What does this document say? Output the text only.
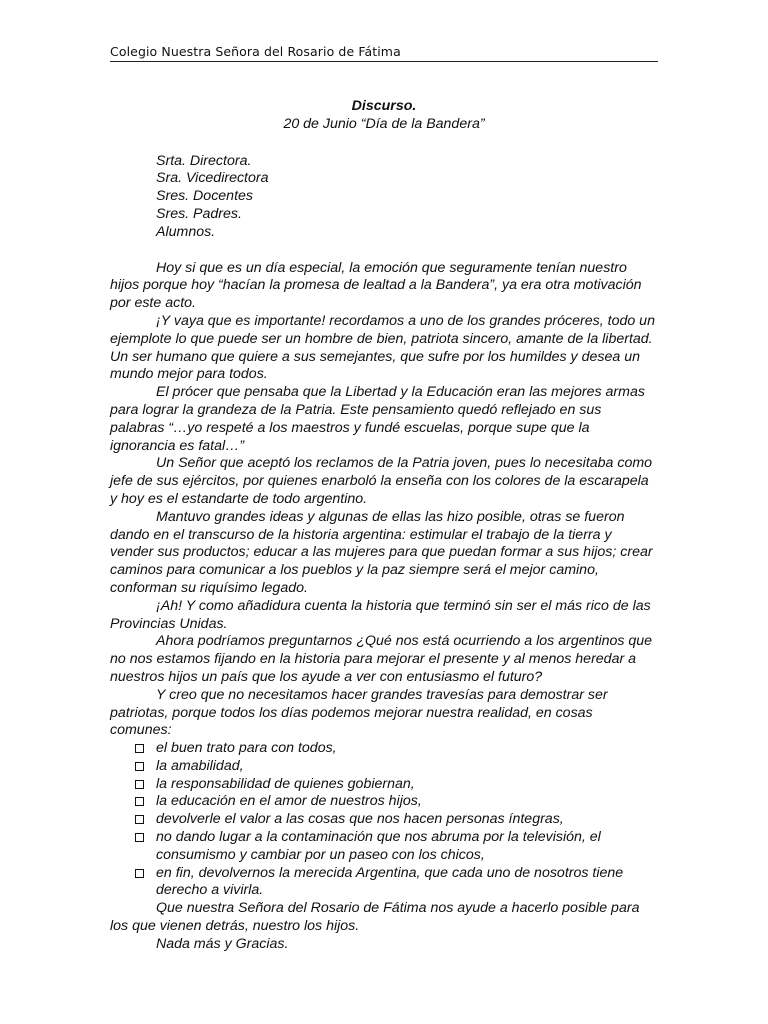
Colegio Nuestra Señora del Rosario de Fátima
Discurso.
20 de Junio “Día de la Bandera”
Srta. Directora.
Sra. Vicedirectora
Sres. Docentes
Sres. Padres.
Alumnos.
Hoy si que es un día especial, la emoción que seguramente tenían nuestro hijos porque hoy “hacían la promesa de lealtad a la Bandera”, ya era otra motivación por este acto.
¡Y vaya que es importante! recordamos a uno de los grandes próceres, todo un ejemplote lo que puede ser un hombre de bien, patriota sincero, amante de la libertad. Un ser humano que quiere a sus semejantes, que sufre por los humildes y desea un mundo mejor para todos.
El prócer que pensaba que la Libertad y la Educación eran las mejores armas para lograr la grandeza de la Patria. Este pensamiento quedó reflejado en sus palabras “…yo respeté a los maestros y fundé escuelas, porque supe que la ignorancia es fatal…”
Un Señor que aceptó los reclamos de la Patria joven, pues lo necesitaba como jefe de sus ejércitos, por quienes enarboló la enseña con los colores de la escarapela y hoy es el estandarte de todo argentino.
Mantuvo grandes ideas y algunas de ellas las hizo posible, otras se fueron dando en el transcurso de la historia argentina: estimular el trabajo de la tierra y vender sus productos; educar a las mujeres para que puedan formar a sus hijos; crear caminos para comunicar a los pueblos y la paz siempre será el mejor camino, conforman su riquísimo legado.
¡Ah! Y como añadidura cuenta la historia que terminó sin ser el más rico de las Provincias Unidas.
Ahora podríamos preguntarnos ¿Qué nos está ocurriendo a los argentinos que no nos estamos fijando en la historia para mejorar el presente y al menos heredar a nuestros hijos un país que los ayude a ver con entusiasmo el futuro?
Y creo que no necesitamos hacer grandes travesías para demostrar ser patriotas, porque todos los días podemos mejorar nuestra realidad, en cosas comunes:
el buen trato para con todos,
la amabilidad,
la responsabilidad de quienes gobiernan,
la educación en el amor de nuestros hijos,
devolverle el valor a las cosas que nos hacen personas íntegras,
no dando lugar a la contaminación que nos abruma por la televisión, el consumismo y cambiar por un paseo con los chicos,
en fin, devolvernos la merecida Argentina, que cada uno de nosotros tiene derecho a vivirla.
Que nuestra Señora del Rosario de Fátima nos ayude a hacerlo posible para los que vienen detrás, nuestro los hijos.
Nada más y Gracias.
